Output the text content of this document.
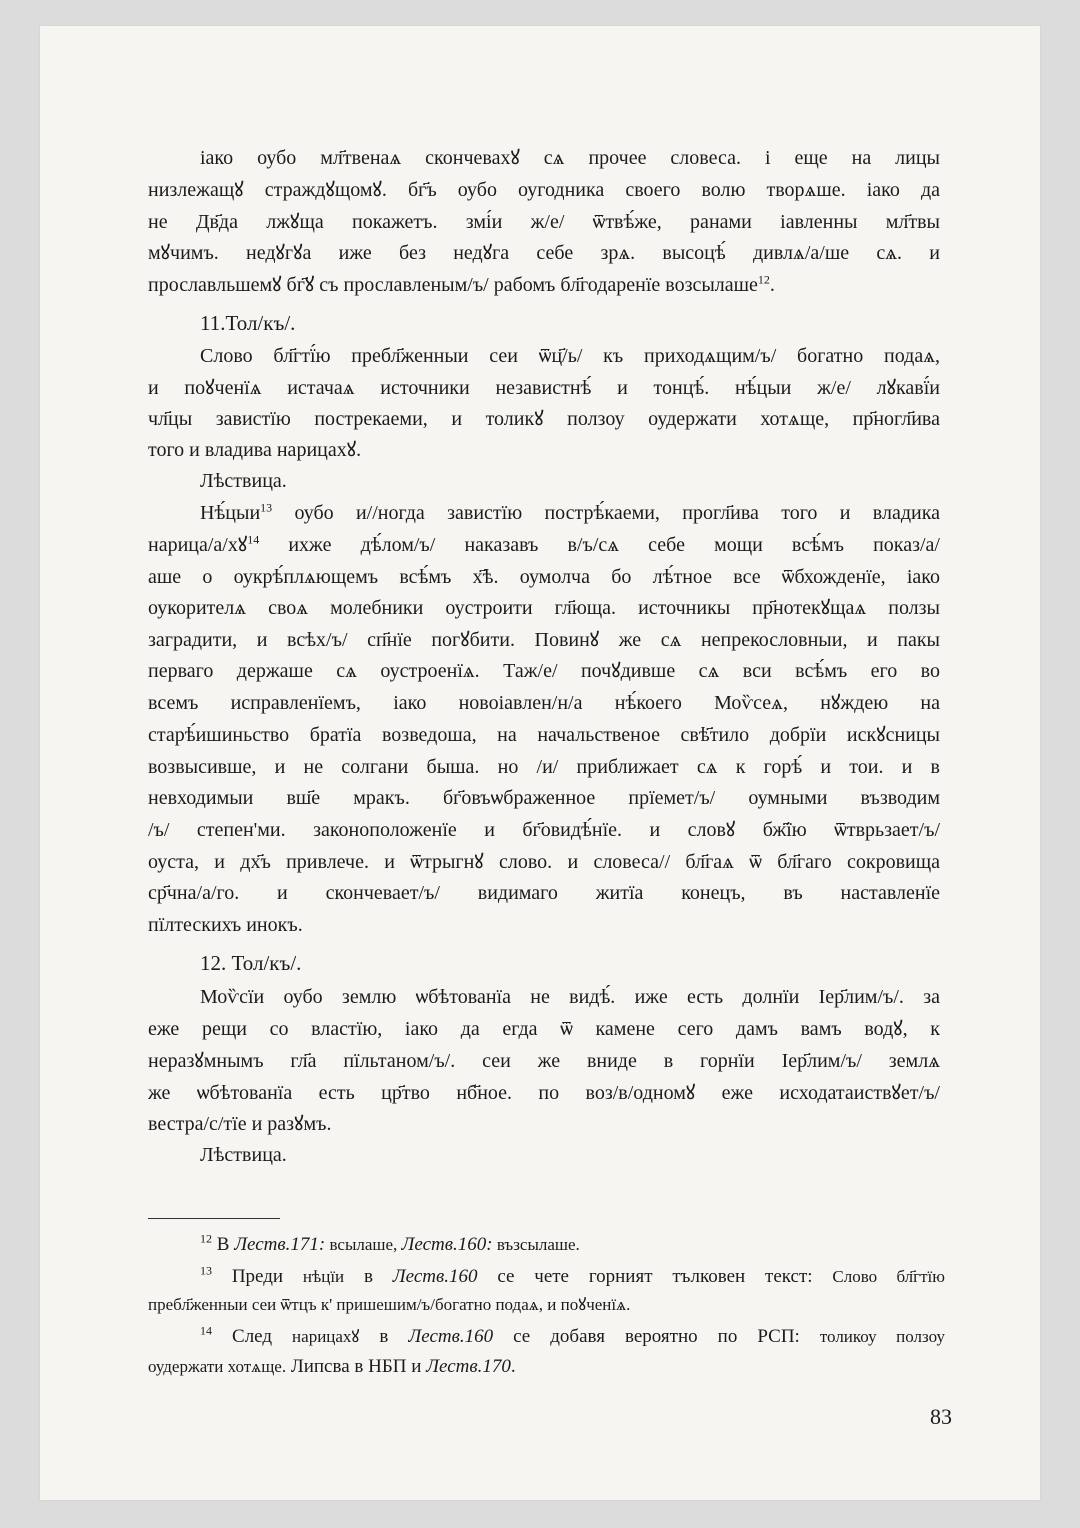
іако оубо мл҃твенаѧ скончевахꙋ сѧ прочее словеса. і еще на лицы
низлежащꙋ страждꙋщомꙋ. бг҃ъ оубо оугодника своего волю творѧше. іако да
не Дв҃да лжꙋща покажетъ. змі́и ж/е/ ѿтвѣ́же, ранами іавленны мл҃твы
мꙋчимъ. недꙋгꙋа иже без недꙋга себе зрѧ. высоцѣ́ дивлѧ/а/ше сѧ. и
прославльшемꙋ бг҃ꙋ съ прославленым/ъ/ рабомъ бл҃годаренїе возсылаше$^{12}$.
11.Тол/къ/.
Слово бл҃гтї́ю пребл҃женныи сеи ѿц҃/ь/ къ приходѧщим/ъ/ богатно подаѧ,
и поꙋченїѧ истачаѧ источники независтнѣ́ и тонцѣ́. нѣ́цыи ж/е/ лꙋкавї́и
чл҃цы завистїю пострекаеми, и толикꙋ ползоу оудержати хотѧще, пр҃ногл҃ива
того и владива нарицахꙋ.
Лѣствица.
Нѣ́цыи$^{13}$ оубо и//ногда завистїю пострѣ́каеми, прогл҃ива того и владика
нарица/а/хꙋ$^{14}$ ихже дѣ́лом/ъ/ наказавъ в/ъ/сѧ себе мощи всѣ́мъ показ/а/
аше о оукрѣ́плѧющемъ всѣ́мъ х҃ѣ. оумолча бо лѣ́тное все ѿбхожденїе, іако
оукорителѧ своѧ молебники оустроити гл҃юща. источникы пр҃нотекꙋщаѧ ползы
заградити, и всѣх/ъ/ сп҃нїе погꙋбити. Повинꙋ же сѧ непрекословныи, и пакы
перваго держаше сѧ оустроенїѧ. Таж/е/ почꙋдивше сѧ вси всѣ́мъ его во
всемъ исправленїемъ, іако новоіавлен/н/а нѣ́коего Моѷсеѧ, нꙋждею на
старѣ́ишиньство братїа возведоша, на начальственое свѣ҃тило добрїи искꙋсницы
возвысивше, и не солгани быша. но /и/ приближает сѧ к горѣ́ и тои. и в
невходимыи вш҃е мракъ. бг҃овъѡбраженное прїемет/ъ/ оумными възводим
/ъ/ степен'ми. законоположенїе и бг҃овидѣ́нїе. и словꙋ бж҃їю ѿтврьзает/ъ/
оуста, и дх҃ъ привлече. и ѿтрыгнꙋ слово. и словеса// бл҃гаѧ ѿ бл҃гаго сокровища
ср҃чна/а/го. и скончевает/ъ/ видимаго житїа конецъ, въ наставленїе
пїлтескихъ инокъ.
12. Тол/къ/.
Моѷсїи оубо землю ѡбѣтованїа не видѣ́. иже есть долнїи Іер҃лим/ъ/. за
еже рещи со властїю, іако да егда ѿ камене сего дамъ вамъ водꙋ, к
неразꙋмнымъ гл҃а пїльтаном/ъ/. сеи же вниде в горнїи Іер҃лим/ъ/ землѧ
же ѡбѣтованїа есть цр҃тво нб҃ное. по воз/в/одномꙋ еже исходатаиствꙋет/ъ/
вестра/с/тїе и разꙋмъ.
Лѣствица.
$^{12}$ В Леств.171: всылаше, Леств.160: възсылаше.
$^{13}$ Преди нѣцїи в Леств.160 се чете горният тълковен текст: Слово бл҃гтїю
пребл҃женныи сеи ѿтцъ к' пришешим/ъ/богатно подаѧ, и поꙋченїѧ.
$^{14}$ След нарицахꙋ в Леств.160 се добавя вероятно по РСП: толикоу ползоу
оудержати хотѧще. Липсва в НБП и Леств.170.
83
